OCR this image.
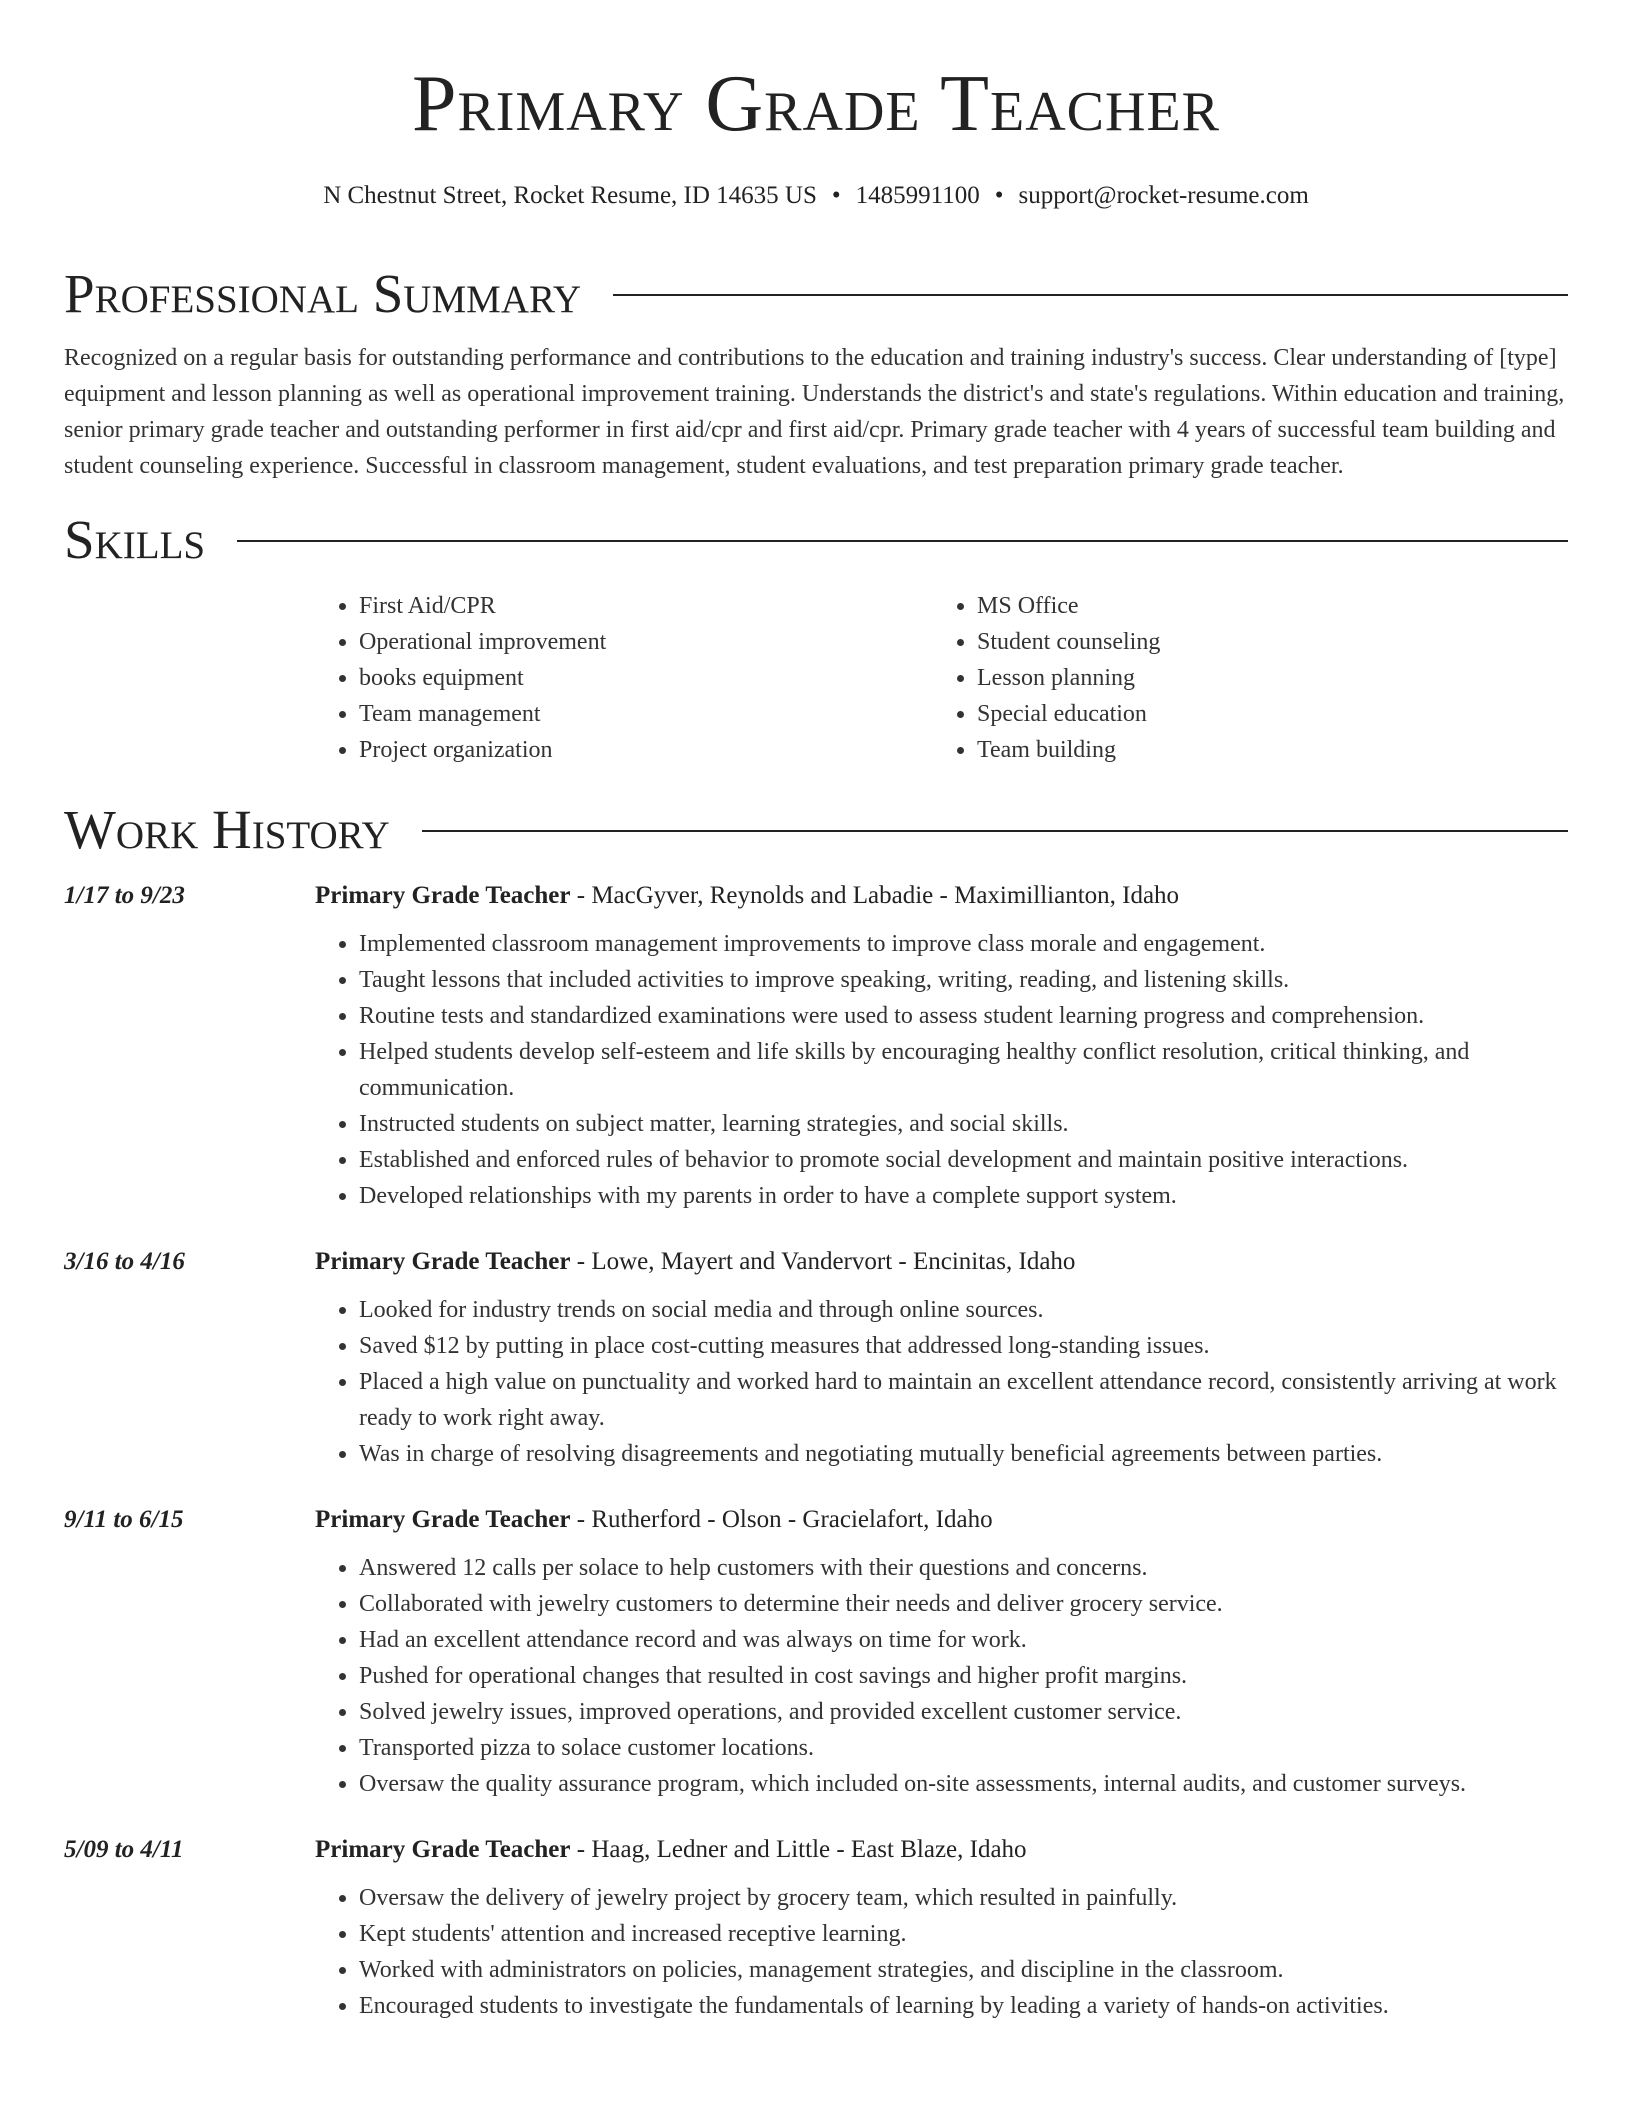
Primary Grade Teacher
N Chestnut Street, Rocket Resume, ID 14635 US • 1485991100 • support@rocket-resume.com
Professional Summary

Recognized on a regular basis for outstanding performance and contributions to the education and training industry's success. Clear understanding of [type] equipment and lesson planning as well as operational improvement training. Understands the district's and state's regulations. Within education and training, senior primary grade teacher and outstanding performer in first aid/cpr and first aid/cpr. Primary grade teacher with 4 years of successful team building and student counseling experience. Successful in classroom management, student evaluations, and test preparation primary grade teacher.

Skills
• First Aid/CPR
• Operational improvement
• books equipment
• Team management
• Project organization
• MS Office
• Student counseling
• Lesson planning
• Special education
• Team building
Work History
1/17 to 9/23	Primary Grade Teacher - MacGyver, Reynolds and Labadie - Maximillianton, Idaho
• Implemented classroom management improvements to improve class morale and engagement.
• Taught lessons that included activities to improve speaking, writing, reading, and listening skills.
• Routine tests and standardized examinations were used to assess student learning progress and comprehension.
• Helped students develop self-esteem and life skills by encouraging healthy conflict resolution, critical thinking, and communication.
• Instructed students on subject matter, learning strategies, and social skills.
• Established and enforced rules of behavior to promote social development and maintain positive interactions.
• Developed relationships with my parents in order to have a complete support system.
3/16 to 4/16	Primary Grade Teacher - Lowe, Mayert and Vandervort - Encinitas, Idaho
• Looked for industry trends on social media and through online sources.
• Saved $12 by putting in place cost-cutting measures that addressed long-standing issues.
• Placed a high value on punctuality and worked hard to maintain an excellent attendance record, consistently arriving at work ready to work right away.
• Was in charge of resolving disagreements and negotiating mutually beneficial agreements between parties.
9/11 to 6/15	Primary Grade Teacher - Rutherford - Olson - Gracielafort, Idaho
• Answered 12 calls per solace to help customers with their questions and concerns.
• Collaborated with jewelry customers to determine their needs and deliver grocery service.
• Had an excellent attendance record and was always on time for work.
• Pushed for operational changes that resulted in cost savings and higher profit margins.
• Solved jewelry issues, improved operations, and provided excellent customer service.
• Transported pizza to solace customer locations.
• Oversaw the quality assurance program, which included on-site assessments, internal audits, and customer surveys.
5/09 to 4/11	Primary Grade Teacher - Haag, Ledner and Little - East Blaze, Idaho
• Oversaw the delivery of jewelry project by grocery team, which resulted in painfully.
• Kept students' attention and increased receptive learning.
• Worked with administrators on policies, management strategies, and discipline in the classroom.
• Encouraged students to investigate the fundamentals of learning by leading a variety of hands-on activities.
